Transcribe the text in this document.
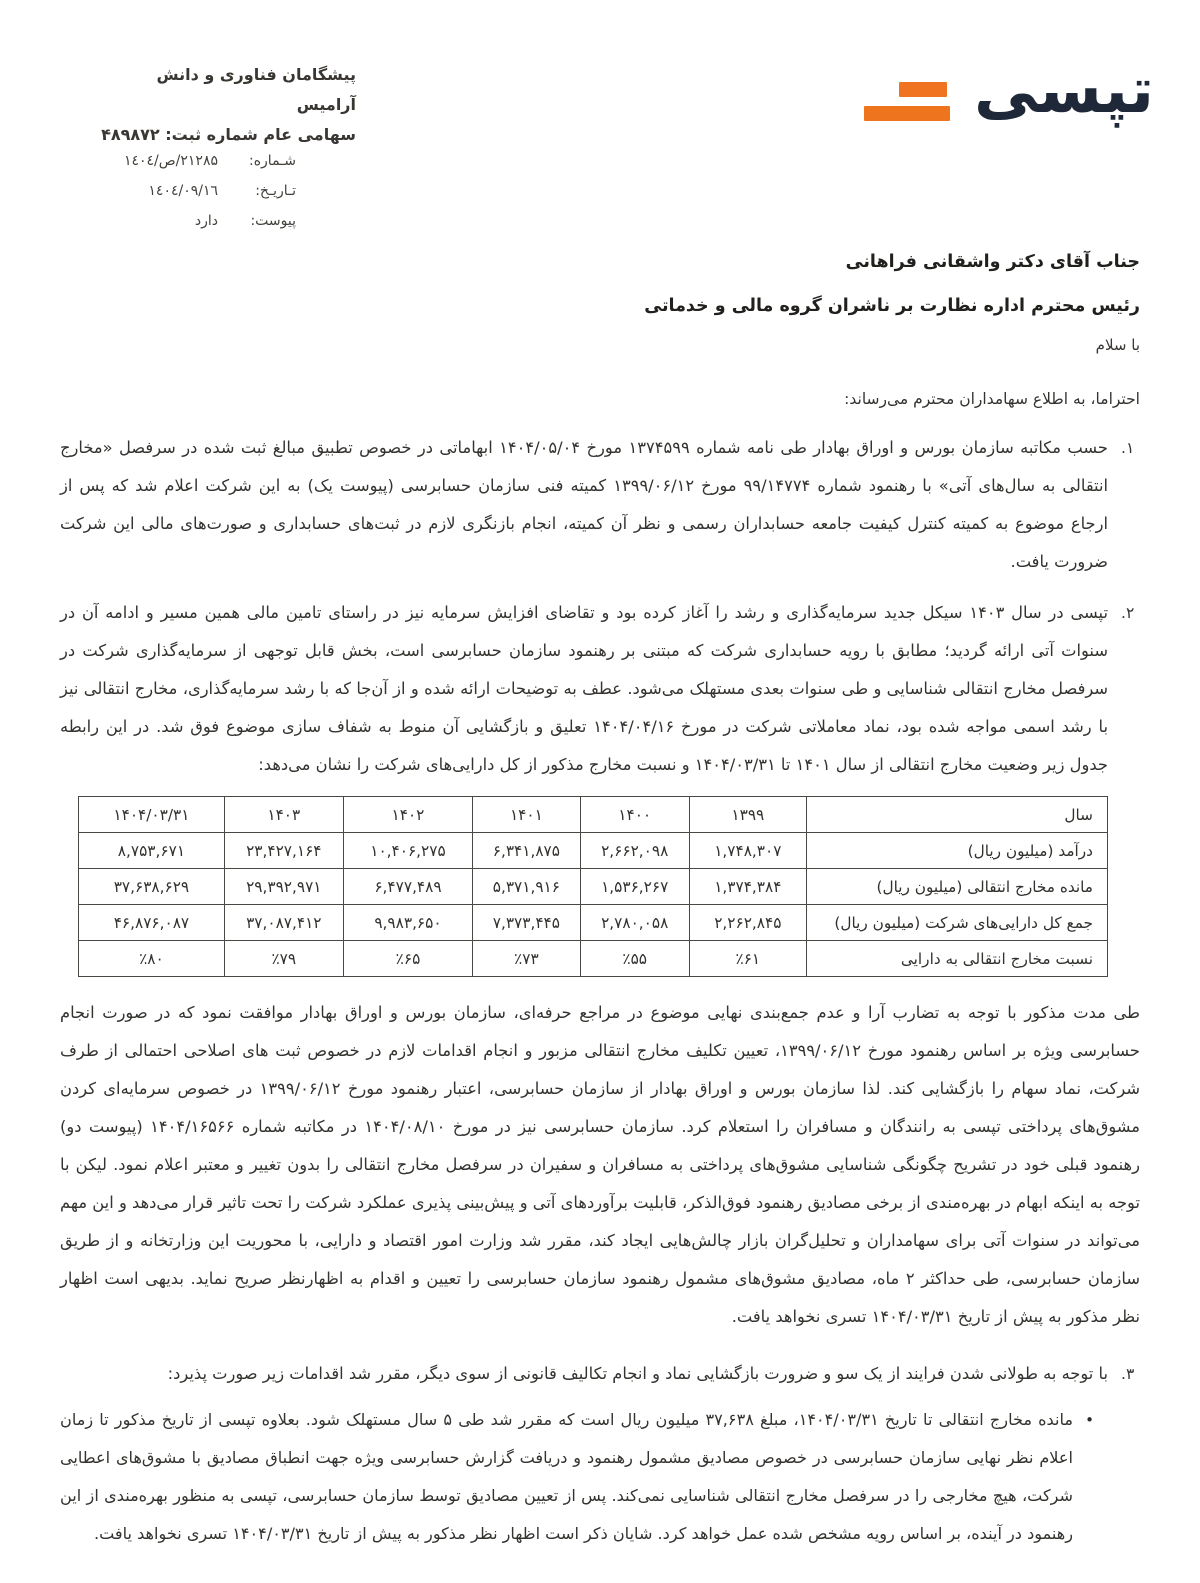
پیشگامان فناوری و دانش آرامیس
سهامی عام شماره ثبت: ۴۸۹۸۷۲
شـماره:
۲۱۲۸۵/ص/١٤٠٤
تـاریـخ:
١٤٠٤/٠٩/١٦
پیوست:
دارد
تپسی
جناب آقای دکتر واشقانی فراهانی
رئیس محترم اداره نظارت بر ناشران گروه مالی و خدماتی
با سلام
احتراما، به اطلاع سهامداران محترم می‌رساند:
۱.
حسب مکاتبه سازمان بورس و اوراق بهادار طی نامه شماره ۱۳۷۴۵۹۹ مورخ ۱۴۰۴/۰۵/۰۴ ابهاماتی در خصوص تطبیق مبالغ ثبت شده در سرفصل «مخارج انتقالی به سال‌های آتی» با رهنمود شماره ۹۹/۱۴۷۷۴ مورخ ۱۳۹۹/۰۶/۱۲ کمیته فنی سازمان حسابرسی (پیوست یک) به این شرکت اعلام شد که پس از ارجاع موضوع به کمیته کنترل کیفیت جامعه حسابداران رسمی و نظر آن کمیته، انجام بازنگری لازم در ثبت‌های حسابداری و صورت‌های مالی این شرکت ضرورت یافت.
۲.
تپسی در سال ۱۴۰۳ سیکل جدید سرمایه‌گذاری و رشد را آغاز کرده بود و تقاضای افزایش سرمایه نیز در راستای تامین مالی همین مسیر و ادامه آن در سنوات آتی ارائه گردید؛ مطابق با رویه حسابداری شرکت که مبتنی بر رهنمود سازمان حسابرسی است، بخش قابل توجهی از سرمایه‌گذاری شرکت در سرفصل مخارج انتقالی شناسایی و طی سنوات بعدی مستهلک می‌شود. عطف به توضیحات ارائه شده و از آن‌جا که با رشد سرمایه‌گذاری، مخارج انتقالی نیز با رشد اسمی مواجه شده بود، نماد معاملاتی شرکت در مورخ ۱۴۰۴/۰۴/۱۶ تعلیق و بازگشایی آن منوط به شفاف سازی موضوع فوق شد. در این رابطه جدول زیر وضعیت مخارج انتقالی از سال ۱۴۰۱ تا ۱۴۰۴/۰۳/۳۱ و نسبت مخارج مذکور از کل دارایی‌های شرکت را نشان می‌دهد:
سال	۱۳۹۹	۱۴۰۰	۱۴۰۱	۱۴۰۲	۱۴۰۳	۱۴۰۴/۰۳/۳۱
درآمد (میلیون ریال)	۱,۷۴۸,۳۰۷	۲,۶۶۲,۰۹۸	۶,۳۴۱,۸۷۵	۱۰,۴۰۶,۲۷۵	۲۳,۴۲۷,۱۶۴	۸,۷۵۳,۶۷۱
مانده مخارج انتقالی (میلیون ریال)	۱,۳۷۴,۳۸۴	۱,۵۳۶,۲۶۷	۵,۳۷۱,۹۱۶	۶,۴۷۷,۴۸۹	۲۹,۳۹۲,۹۷۱	۳۷,۶۳۸,۶۲۹
جمع کل دارایی‌های شرکت (میلیون ریال)	۲,۲۶۲,۸۴۵	۲,۷۸۰,۰۵۸	۷,۳۷۳,۴۴۵	۹,۹۸۳,۶۵۰	۳۷,۰۸۷,۴۱۲	۴۶,۸۷۶,۰۸۷
نسبت مخارج انتقالی به دارایی	٪۶۱	٪۵۵	٪۷۳	٪۶۵	٪۷۹	٪۸۰
طی مدت مذکور با توجه به تضارب آرا و عدم جمع‌بندی نهایی موضوع در مراجع حرفه‌ای، سازمان بورس و اوراق بهادار موافقت نمود که در صورت انجام حسابرسی ویژه بر اساس رهنمود مورخ ۱۳۹۹/۰۶/۱۲، تعیین تکلیف مخارج انتقالی مزبور و انجام اقدامات لازم در خصوص ثبت های اصلاحی احتمالی از طرف شرکت، نماد سهام را بازگشایی کند. لذا سازمان بورس و اوراق بهادار از سازمان حسابرسی، اعتبار رهنمود مورخ ۱۳۹۹/۰۶/۱۲ در خصوص سرمایه‌ای کردن مشوق‌های پرداختی تپسی به رانندگان و مسافران را استعلام کرد. سازمان حسابرسی نیز در مورخ ۱۴۰۴/۰۸/۱۰ در مکاتبه شماره ۱۴۰۴/۱۶۵۶۶ (پیوست دو) رهنمود قبلی خود در تشریح چگونگی شناسایی مشوق‌های پرداختی به مسافران و سفیران در سرفصل مخارج انتقالی را بدون تغییر و معتبر اعلام نمود. لیکن با توجه به اینکه ابهام در بهره‌مندی از برخی مصادیق رهنمود فوق‌الذکر، قابلیت برآوردهای آتی و پیش‌بینی پذیری عملکرد شرکت را تحت تاثیر قرار می‌دهد و این مهم می‌تواند در سنوات آتی برای سهامداران و تحلیل‌گران بازار چالش‌هایی ایجاد کند، مقرر شد وزارت امور اقتصاد و دارایی، با محوریت این وزارتخانه و از طریق سازمان حسابرسی، طی حداکثر ۲ ماه، مصادیق مشوق‌های مشمول رهنمود سازمان حسابرسی را تعیین و اقدام به اظهارنظر صریح نماید. بدیهی است اظهار نظر مذکور به پیش از تاریخ ۱۴۰۴/۰۳/۳۱ تسری نخواهد یافت.
۳.
با توجه به طولانی شدن فرایند از یک سو و ضرورت بازگشایی نماد و انجام تکالیف قانونی از سوی دیگر، مقرر شد اقدامات زیر صورت پذیرد:
•
مانده مخارج انتقالی تا تاریخ ۱۴۰۴/۰۳/۳۱، مبلغ ۳۷,۶۳۸ میلیون ریال است که مقرر شد طی ۵ سال مستهلک شود. بعلاوه تپسی از تاریخ مذکور تا زمان اعلام نظر نهایی سازمان حسابرسی در خصوص مصادیق مشمول رهنمود و دریافت گزارش حسابرسی ویژه جهت انطباق مصادیق با مشوق‌های اعطایی شرکت، هیچ مخارجی را در سرفصل مخارج انتقالی شناسایی نمی‌کند. پس از تعیین مصادیق توسط سازمان حسابرسی، تپسی به منظور بهره‌مندی از این رهنمود در آینده، بر اساس رویه مشخص شده عمل خواهد کرد. شایان ذکر است اظهار نظر مذکور به پیش از تاریخ ۱۴۰۴/۰۳/۳۱ تسری نخواهد یافت.
